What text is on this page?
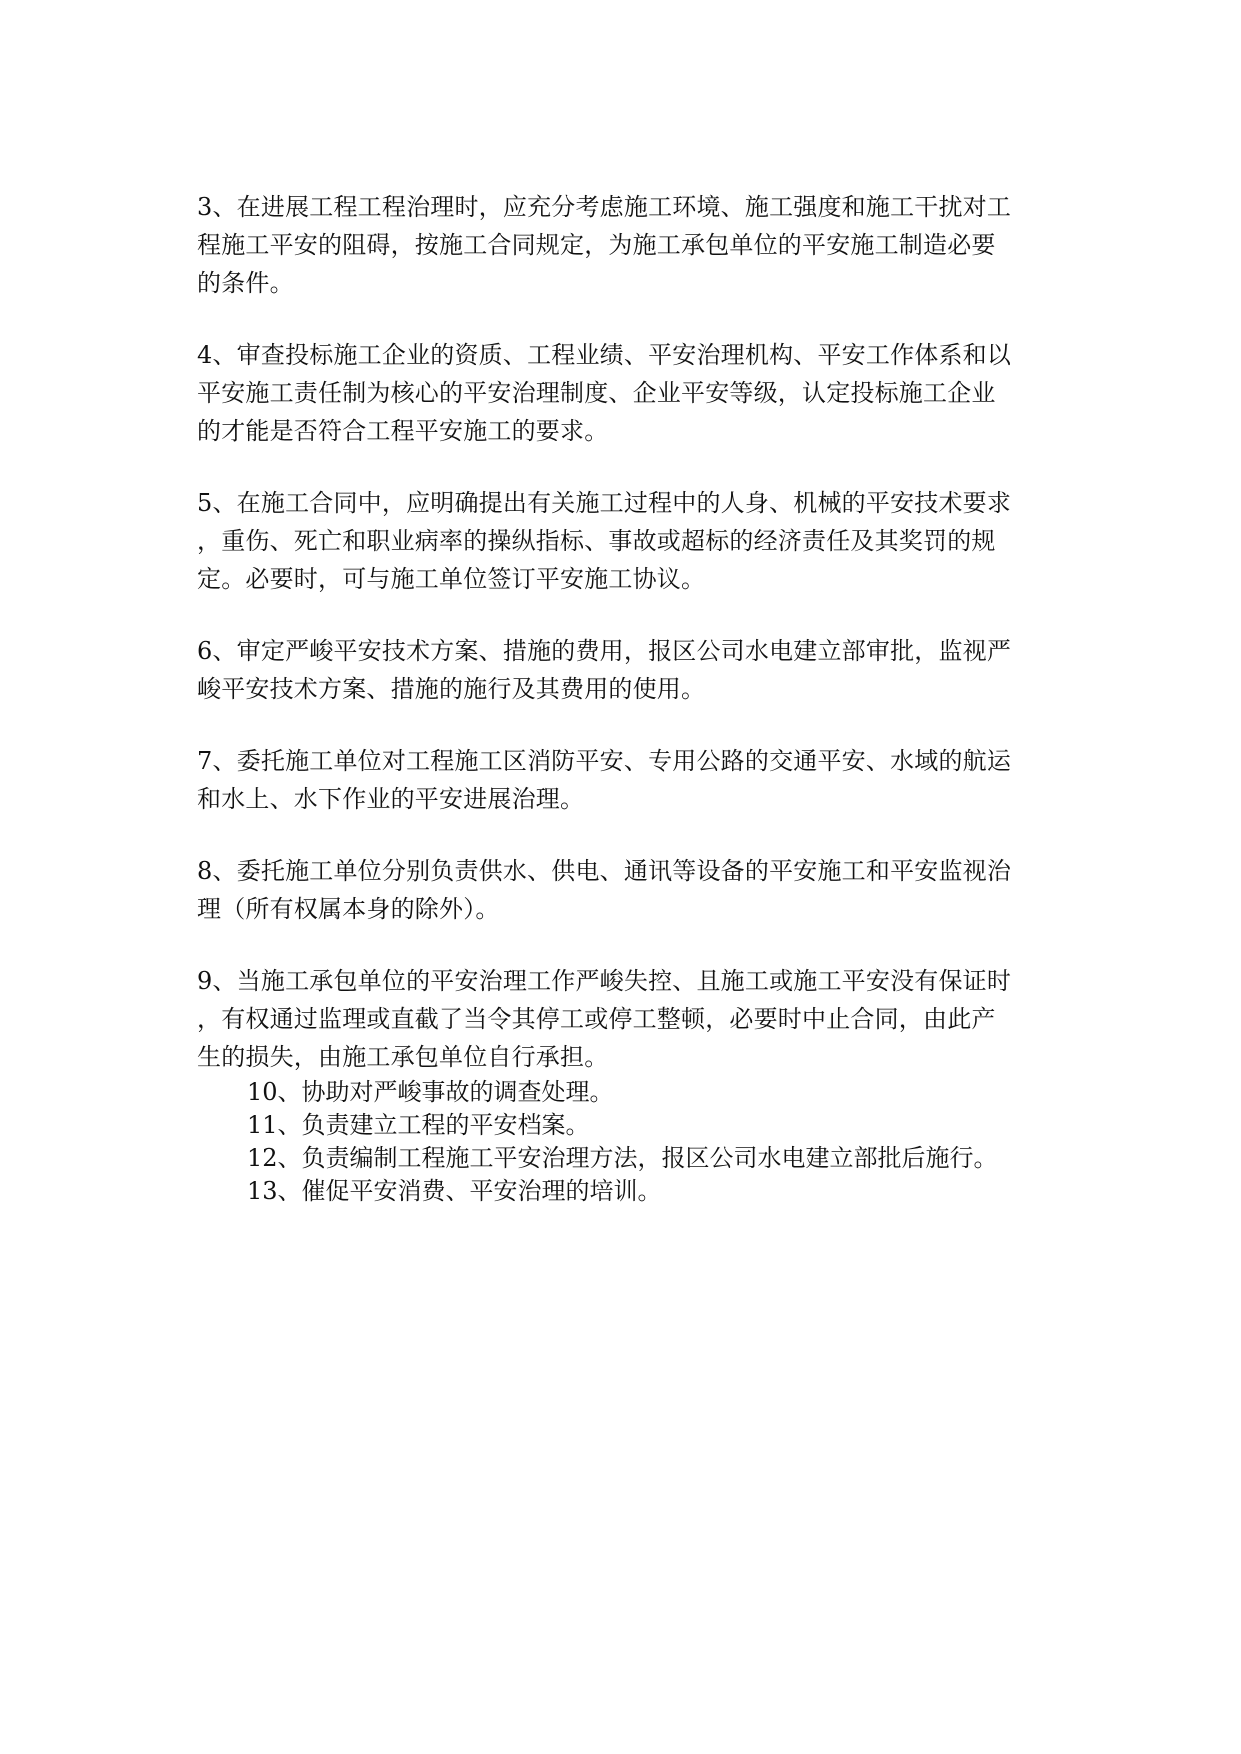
3、在进展工程工程治理时，应充分考虑施工环境、施工强度和施工干扰对工
程施工平安的阻碍，按施工合同规定，为施工承包单位的平安施工制造必要
的条件。

4、审查投标施工企业的资质、工程业绩、平安治理机构、平安工作体系和以
平安施工责任制为核心的平安治理制度、企业平安等级，认定投标施工企业
的才能是否符合工程平安施工的要求。

5、在施工合同中，应明确提出有关施工过程中的人身、机械的平安技术要求
，重伤、死亡和职业病率的操纵指标、事故或超标的经济责任及其奖罚的规
定。必要时，可与施工单位签订平安施工协议。

6、审定严峻平安技术方案、措施的费用，报区公司水电建立部审批，监视严
峻平安技术方案、措施的施行及其费用的使用。

7、委托施工单位对工程施工区消防平安、专用公路的交通平安、水域的航运
和水上、水下作业的平安进展治理。

8、委托施工单位分别负责供水、供电、通讯等设备的平安施工和平安监视治
理（所有权属本身的除外）。

9、当施工承包单位的平安治理工作严峻失控、且施工或施工平安没有保证时
，有权通过监理或直截了当令其停工或停工整顿，必要时中止合同，由此产
生的损失，由施工承包单位自行承担。

10、协助对严峻事故的调查处理。
11、负责建立工程的平安档案。
12、负责编制工程施工平安治理方法，报区公司水电建立部批后施行。
13、催促平安消费、平安治理的培训。
